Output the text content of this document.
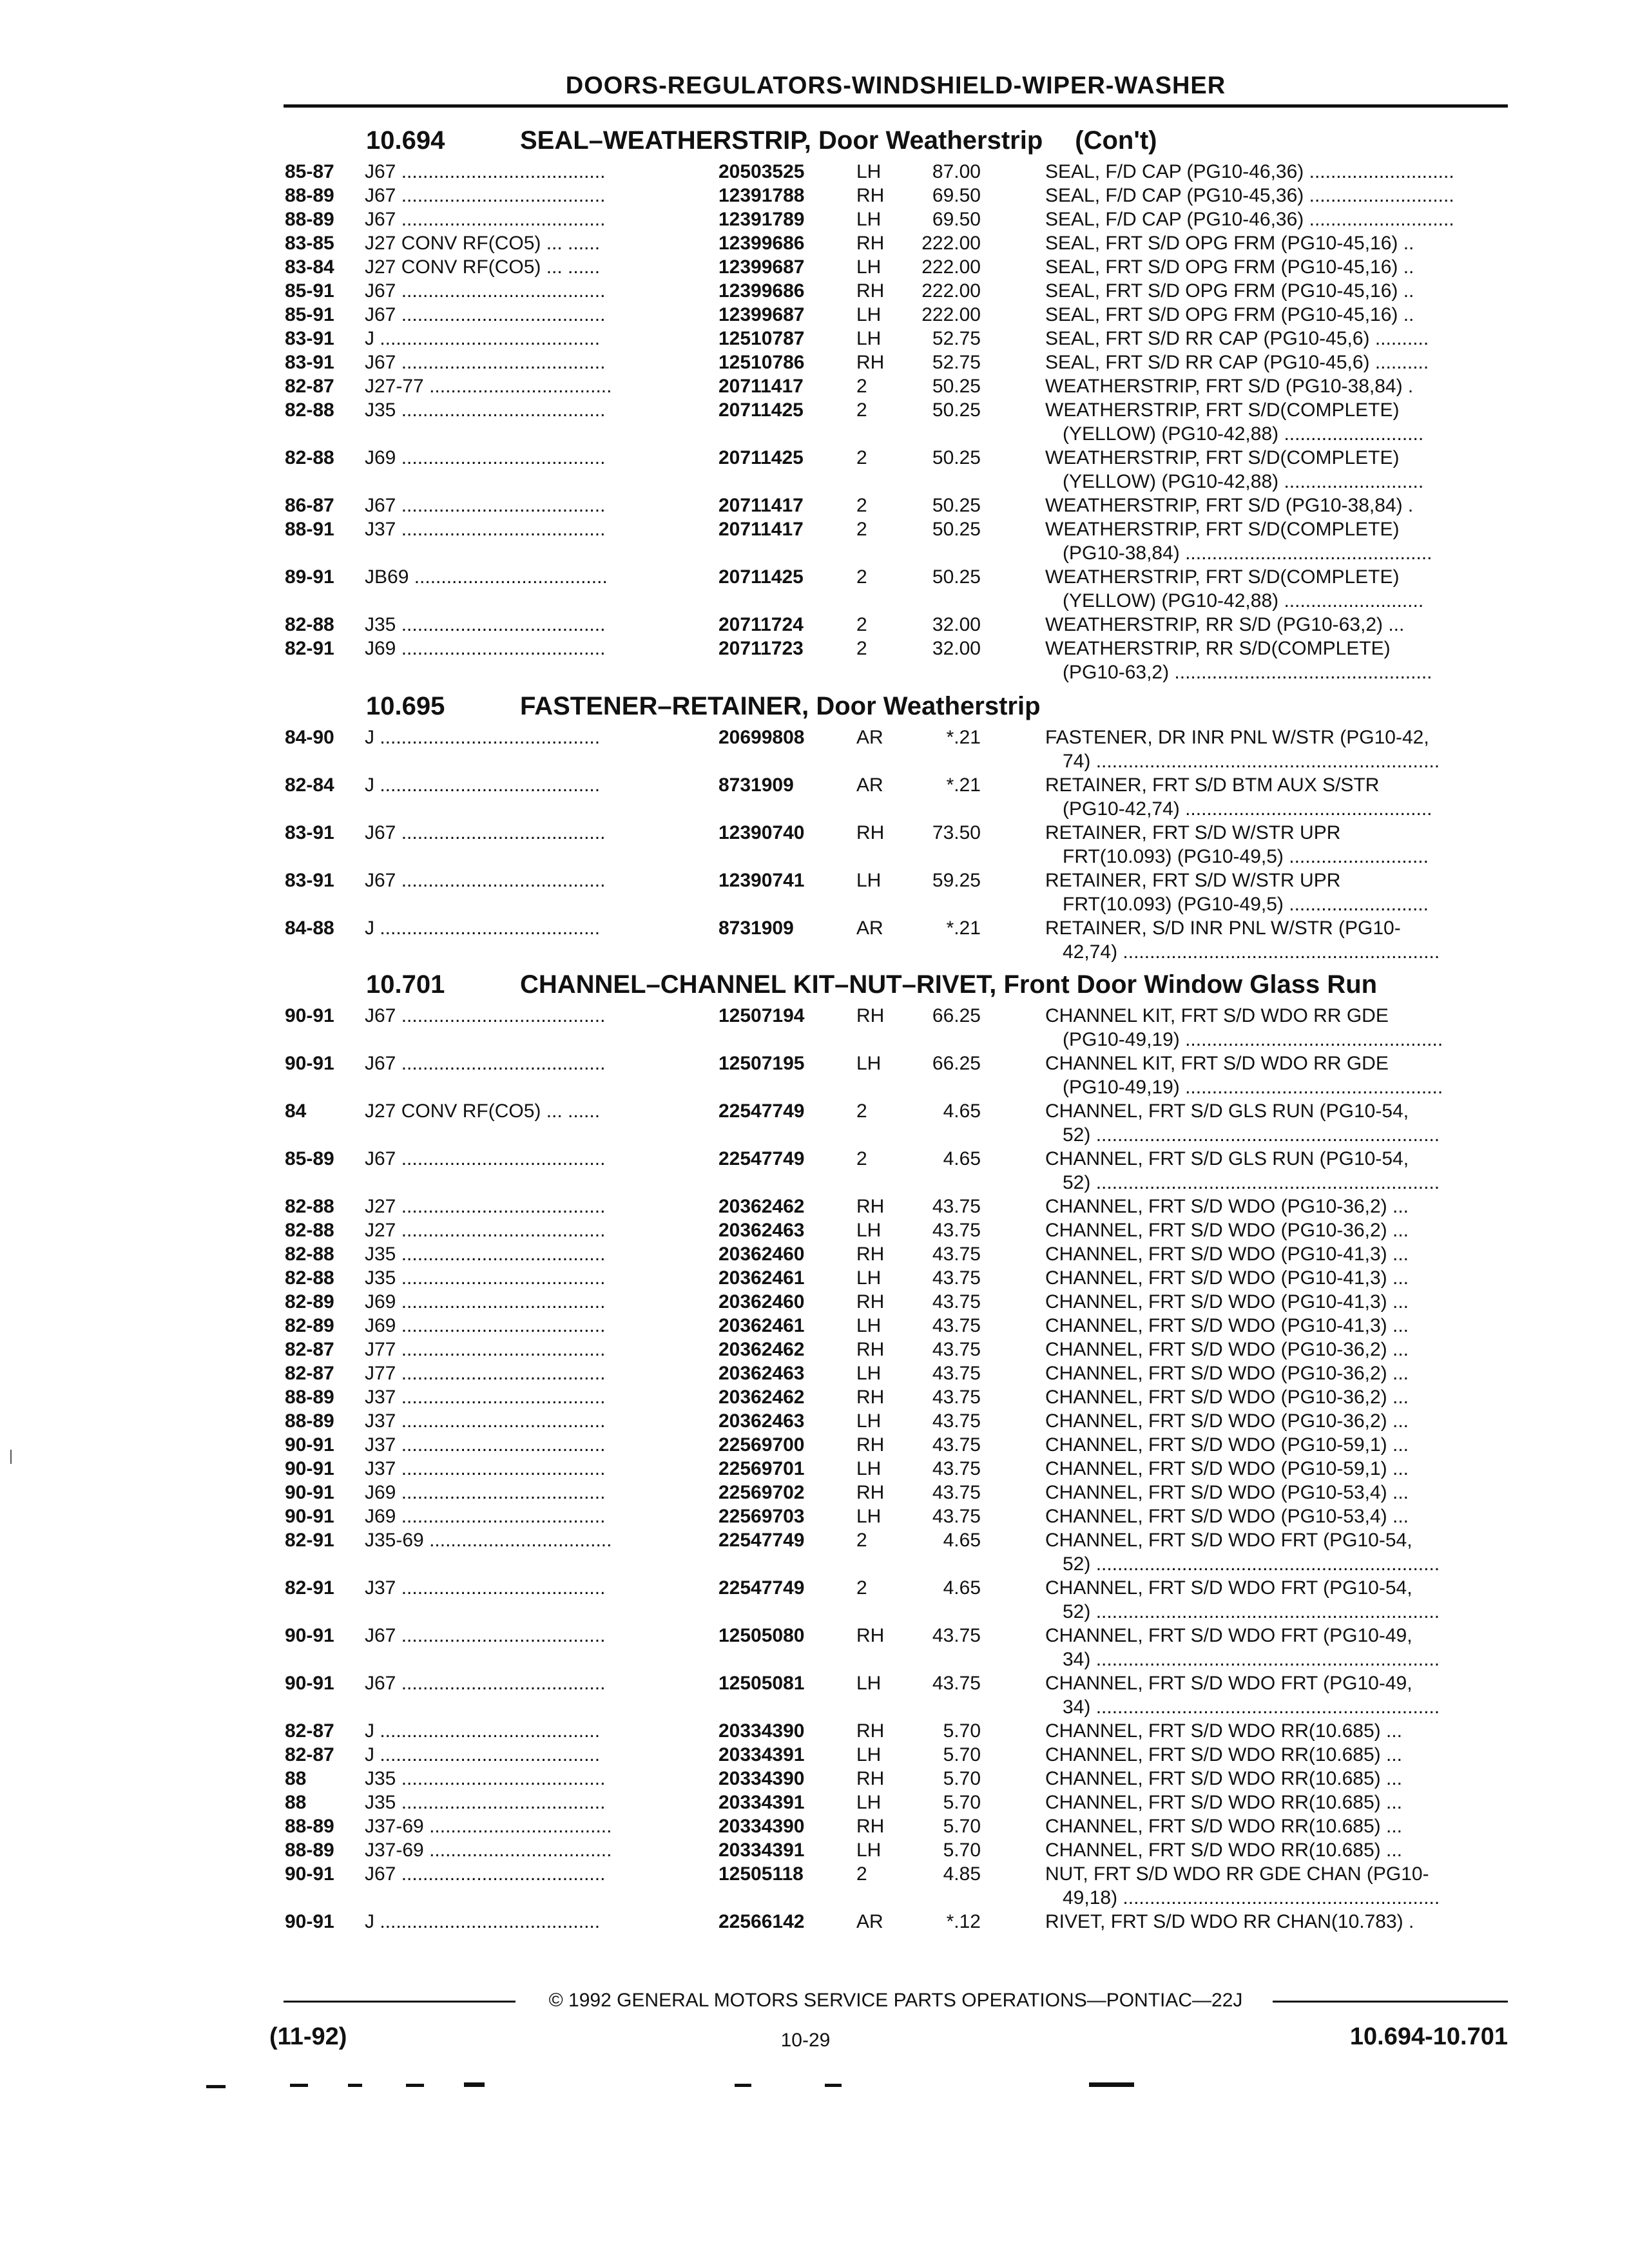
DOORS-REGULATORS-WINDSHIELD-WIPER-WASHER
10.694	SEAL–WEATHERSTRIP, Door Weatherstrip (Con't)
85-87 J67 ......................................	20503525	LH	87.00	SEAL, F/D CAP (PG10-46,36) ...........................
88-89 J67 ......................................	12391788	RH	69.50	SEAL, F/D CAP (PG10-45,36) ...........................
88-89 J67 ......................................	12391789	LH	69.50	SEAL, F/D CAP (PG10-46,36) ...........................
83-85 J27 CONV RF(CO5) ... ......	12399686	RH	222.00	SEAL, FRT S/D OPG FRM (PG10-45,16) ..
83-84 J27 CONV RF(CO5) ... ......	12399687	LH	222.00	SEAL, FRT S/D OPG FRM (PG10-45,16) ..
85-91 J67 ......................................	12399686	RH	222.00	SEAL, FRT S/D OPG FRM (PG10-45,16) ..
85-91 J67 ......................................	12399687	LH	222.00	SEAL, FRT S/D OPG FRM (PG10-45,16) ..
83-91 J .........................................	12510787	LH	52.75	SEAL, FRT S/D RR CAP (PG10-45,6) ..........
83-91 J67 ......................................	12510786	RH	52.75	SEAL, FRT S/D RR CAP (PG10-45,6) ..........
82-87 J27-77 ..................................	20711417	2	50.25	WEATHERSTRIP, FRT S/D (PG10-38,84) .
82-88 J35 ......................................	20711425	2	50.25	WEATHERSTRIP, FRT S/D(COMPLETE)
(YELLOW) (PG10-42,88) ..........................
82-88 J69 ......................................	20711425	2	50.25	WEATHERSTRIP, FRT S/D(COMPLETE)
(YELLOW) (PG10-42,88) ..........................
86-87 J67 ......................................	20711417	2	50.25	WEATHERSTRIP, FRT S/D (PG10-38,84) .
88-91 J37 ......................................	20711417	2	50.25	WEATHERSTRIP, FRT S/D(COMPLETE)
(PG10-38,84) ..............................................
89-91 JB69 ....................................	20711425	2	50.25	WEATHERSTRIP, FRT S/D(COMPLETE)
(YELLOW) (PG10-42,88) ..........................
82-88 J35 ......................................	20711724	2	32.00	WEATHERSTRIP, RR S/D (PG10-63,2) ...
82-91 J69 ......................................	20711723	2	32.00	WEATHERSTRIP, RR S/D(COMPLETE)
(PG10-63,2) ................................................
10.695	FASTENER–RETAINER, Door Weatherstrip
84-90 J .........................................	20699808	AR	*.21	FASTENER, DR INR PNL W/STR (PG10-42,
74) ................................................................
82-84 J .........................................	8731909	AR	*.21	RETAINER, FRT S/D BTM AUX S/STR
(PG10-42,74) ..............................................
83-91 J67 ......................................	12390740	RH	73.50	RETAINER, FRT S/D W/STR UPR
FRT(10.093) (PG10-49,5) ..........................
83-91 J67 ......................................	12390741	LH	59.25	RETAINER, FRT S/D W/STR UPR
FRT(10.093) (PG10-49,5) ..........................
84-88 J .........................................	8731909	AR	*.21	RETAINER, S/D INR PNL W/STR (PG10-
42,74) ...........................................................
10.701	CHANNEL–CHANNEL KIT–NUT–RIVET, Front Door Window Glass Run
90-91 J67 ......................................	12507194	RH	66.25	CHANNEL KIT, FRT S/D WDO RR GDE
(PG10-49,19) ................................................
90-91 J67 ......................................	12507195	LH	66.25	CHANNEL KIT, FRT S/D WDO RR GDE
(PG10-49,19) ................................................
84	J27 CONV RF(CO5) ... ......	22547749	2	4.65	CHANNEL, FRT S/D GLS RUN (PG10-54,
52) ................................................................
85-89 J67 ......................................	22547749	2	4.65	CHANNEL, FRT S/D GLS RUN (PG10-54,
52) ................................................................
82-88 J27 ......................................	20362462	RH	43.75	CHANNEL, FRT S/D WDO (PG10-36,2) ...
82-88 J27 ......................................	20362463	LH	43.75	CHANNEL, FRT S/D WDO (PG10-36,2) ...
82-88 J35 ......................................	20362460	RH	43.75	CHANNEL, FRT S/D WDO (PG10-41,3) ...
82-88 J35 ......................................	20362461	LH	43.75	CHANNEL, FRT S/D WDO (PG10-41,3) ...
82-89 J69 ......................................	20362460	RH	43.75	CHANNEL, FRT S/D WDO (PG10-41,3) ...
82-89 J69 ......................................	20362461	LH	43.75	CHANNEL, FRT S/D WDO (PG10-41,3) ...
82-87 J77 ......................................	20362462	RH	43.75	CHANNEL, FRT S/D WDO (PG10-36,2) ...
82-87 J77 ......................................	20362463	LH	43.75	CHANNEL, FRT S/D WDO (PG10-36,2) ...
88-89 J37 ......................................	20362462	RH	43.75	CHANNEL, FRT S/D WDO (PG10-36,2) ...
88-89 J37 ......................................	20362463	LH	43.75	CHANNEL, FRT S/D WDO (PG10-36,2) ...
90-91 J37 ......................................	22569700	RH	43.75	CHANNEL, FRT S/D WDO (PG10-59,1) ...
90-91 J37 ......................................	22569701	LH	43.75	CHANNEL, FRT S/D WDO (PG10-59,1) ...
90-91 J69 ......................................	22569702	RH	43.75	CHANNEL, FRT S/D WDO (PG10-53,4) ...
90-91 J69 ......................................	22569703	LH	43.75	CHANNEL, FRT S/D WDO (PG10-53,4) ...
82-91 J35-69 ..................................	22547749	2	4.65	CHANNEL, FRT S/D WDO FRT (PG10-54,
52) ................................................................
82-91 J37 ......................................	22547749	2	4.65	CHANNEL, FRT S/D WDO FRT (PG10-54,
52) ................................................................
90-91 J67 ......................................	12505080	RH	43.75	CHANNEL, FRT S/D WDO FRT (PG10-49,
34) ................................................................
90-91 J67 ......................................	12505081	LH	43.75	CHANNEL, FRT S/D WDO FRT (PG10-49,
34) ................................................................
82-87 J .........................................	20334390	RH	5.70	CHANNEL, FRT S/D WDO RR(10.685) ...
82-87 J .........................................	20334391	LH	5.70	CHANNEL, FRT S/D WDO RR(10.685) ...
88	J35 ......................................	20334390	RH	5.70	CHANNEL, FRT S/D WDO RR(10.685) ...
88	J35 ......................................	20334391	LH	5.70	CHANNEL, FRT S/D WDO RR(10.685) ...
88-89 J37-69 ..................................	20334390	RH	5.70	CHANNEL, FRT S/D WDO RR(10.685) ...
88-89 J37-69 ..................................	20334391	LH	5.70	CHANNEL, FRT S/D WDO RR(10.685) ...
90-91 J67 ......................................	12505118	2	4.85	NUT, FRT S/D WDO RR GDE CHAN (PG10-
49,18) ...........................................................
90-91 J .........................................	22566142	AR	*.12	RIVET, FRT S/D WDO RR CHAN(10.783) .
© 1992 GENERAL MOTORS SERVICE PARTS OPERATIONS—PONTIAC—22J
(11-92)	10-29	10.694-10.701
